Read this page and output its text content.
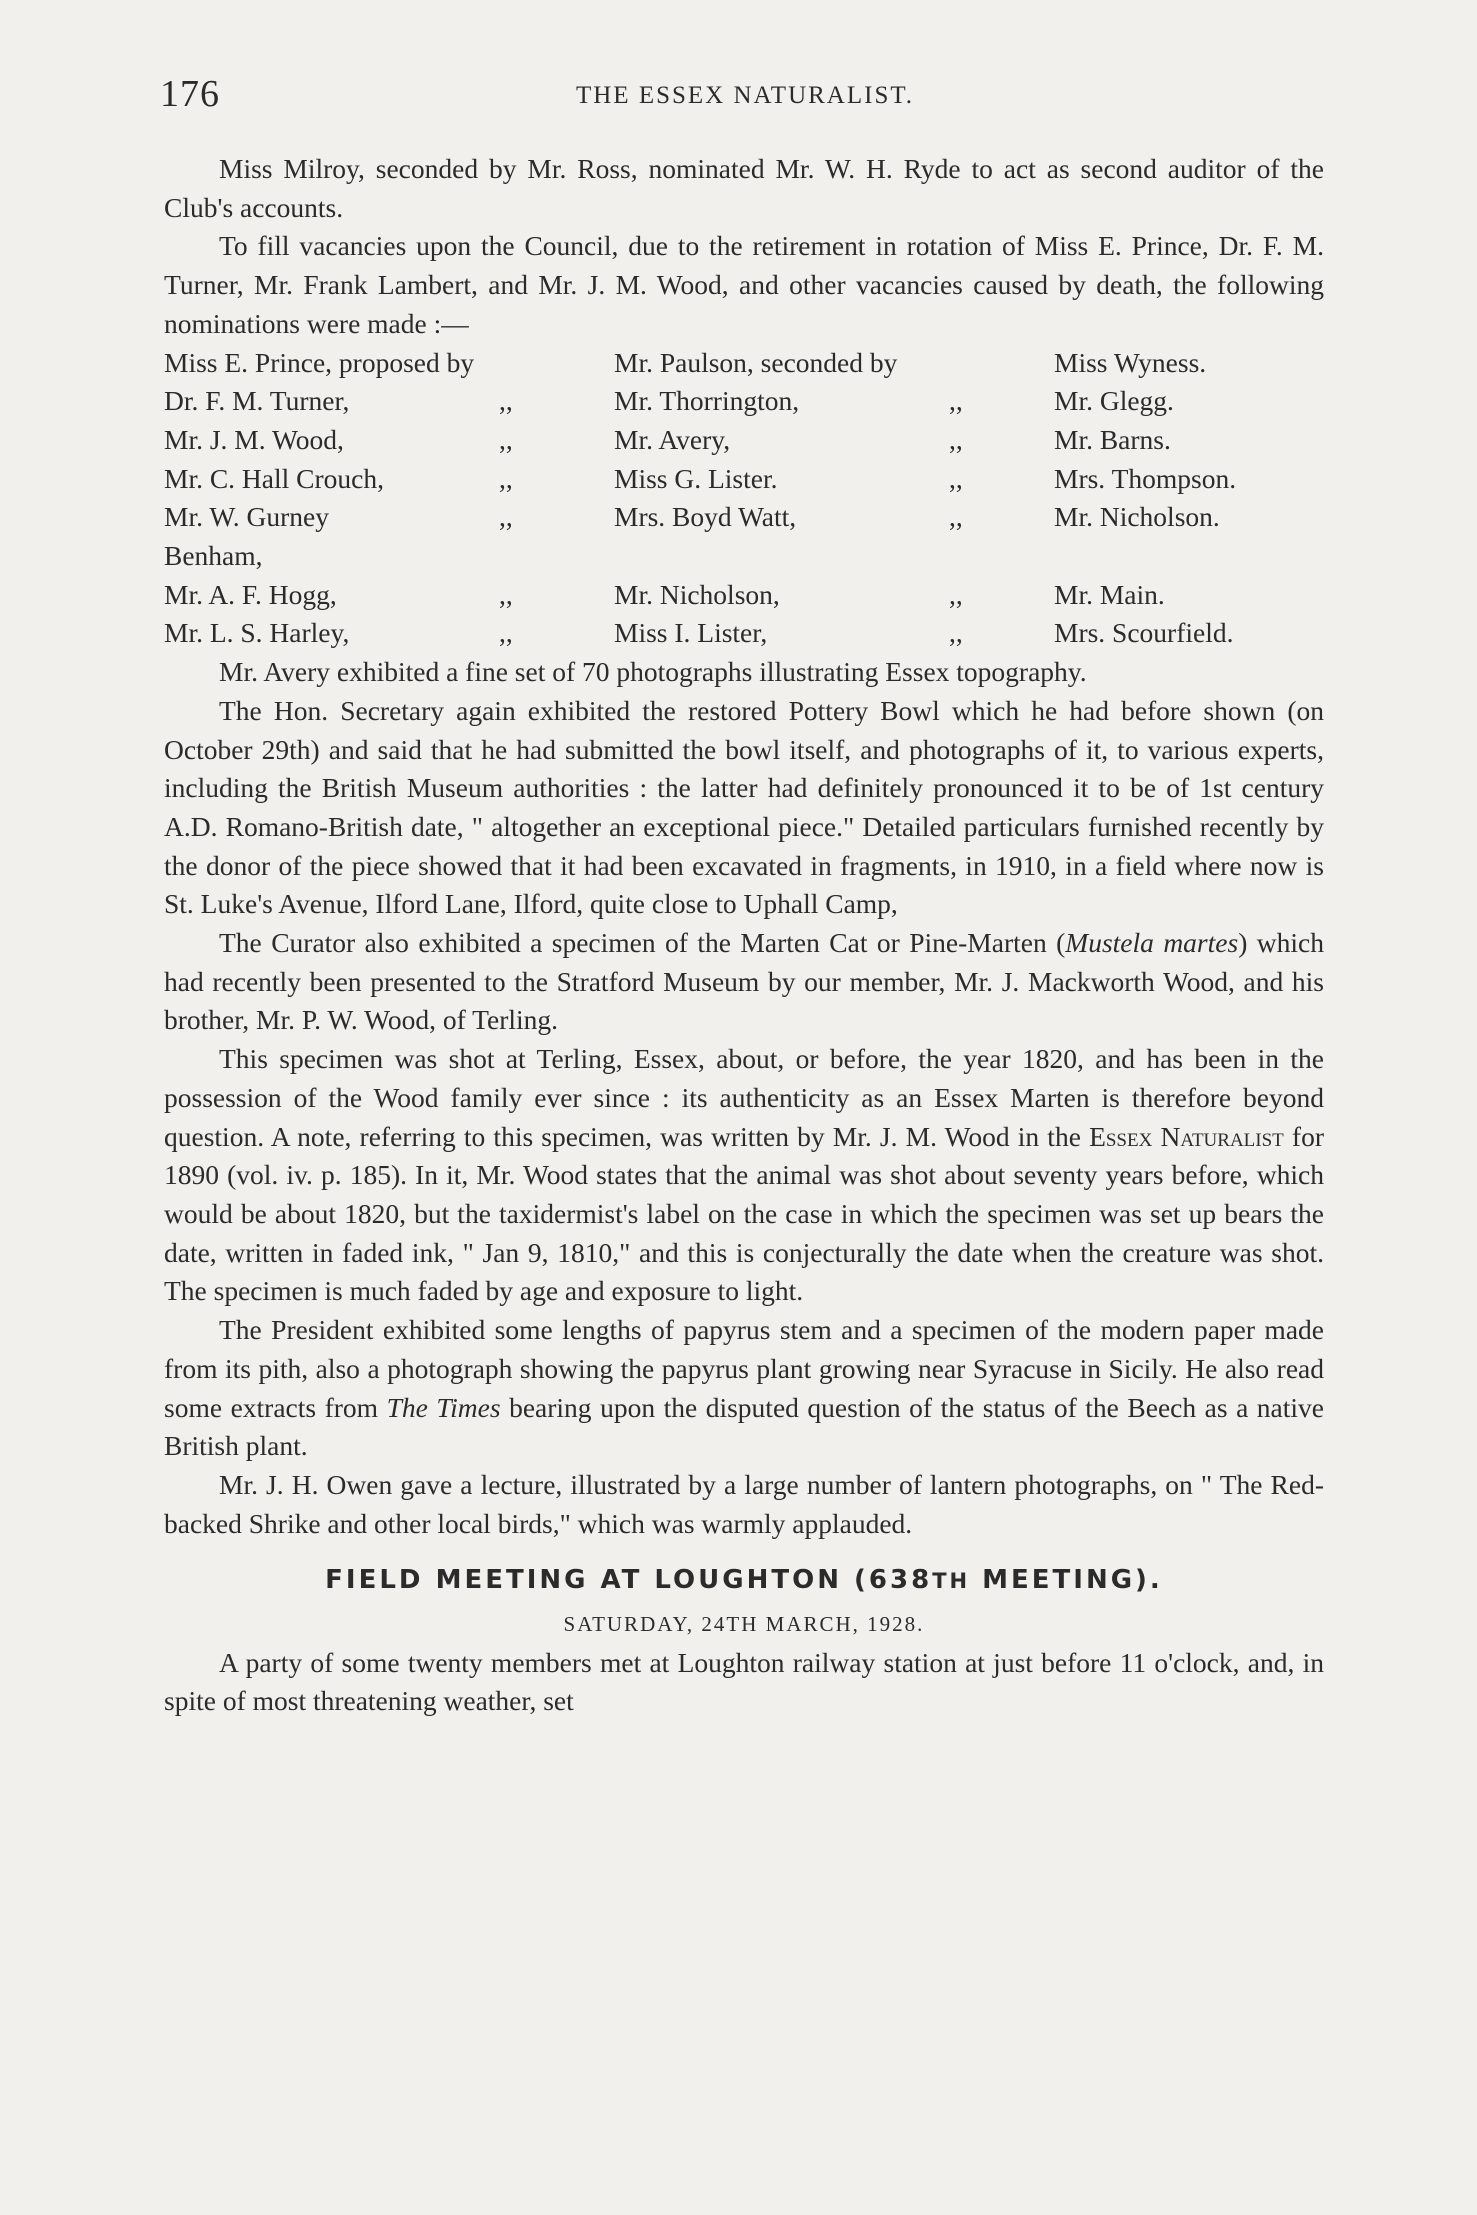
176	THE ESSEX NATURALIST.

Miss Milroy, seconded by Mr. Ross, nominated Mr. W. H. Ryde to act as second auditor of the Club's accounts.

To fill vacancies upon the Council, due to the retirement in rotation of Miss E. Prince, Dr. F. M. Turner, Mr. Frank Lambert, and Mr. J. M. Wood, and other vacancies caused by death, the following nominations were made :—

Miss E. Prince, proposed by		Mr. Paulson, seconded by		Miss Wyness.
Dr. F. M. Turner,	,,	Mr. Thorrington,	,,	Mr. Glegg.
Mr. J. M. Wood,	,,	Mr. Avery,	,,	Mr. Barns.
Mr. C. Hall Crouch,	,,	Miss G. Lister.	,,	Mrs. Thompson.
Mr. W. Gurney	,,	Mrs. Boyd Watt,	,,	Mr. Nicholson.
Benham,				
Mr. A. F. Hogg,	,,	Mr. Nicholson,	,,	Mr. Main.
Mr. L. S. Harley,	,,	Miss I. Lister,	,,	Mrs. Scourfield.

Mr. Avery exhibited a fine set of 70 photographs illustrating Essex topography.

The Hon. Secretary again exhibited the restored Pottery Bowl which he had before shown (on October 29th) and said that he had submitted the bowl itself, and photographs of it, to various experts, including the British Museum authorities : the latter had definitely pronounced it to be of 1st century A.D. Romano-British date, " altogether an exceptional piece." Detailed particulars furnished recently by the donor of the piece showed that it had been excavated in fragments, in 1910, in a field where now is St. Luke's Avenue, Ilford Lane, Ilford, quite close to Uphall Camp,

The Curator also exhibited a specimen of the Marten Cat or Pine-Marten (Mustela martes) which had recently been presented to the Stratford Museum by our member, Mr. J. Mackworth Wood, and his brother, Mr. P. W. Wood, of Terling.

This specimen was shot at Terling, Essex, about, or before, the year 1820, and has been in the possession of the Wood family ever since : its authenticity as an Essex Marten is therefore beyond question. A note, referring to this specimen, was written by Mr. J. M. Wood in the Essex Naturalist for 1890 (vol. iv. p. 185). In it, Mr. Wood states that the animal was shot about seventy years before, which would be about 1820, but the taxidermist's label on the case in which the specimen was set up bears the date, written in faded ink, " Jan 9, 1810," and this is conjecturally the date when the creature was shot. The specimen is much faded by age and exposure to light.

The President exhibited some lengths of papyrus stem and a specimen of the modern paper made from its pith, also a photograph showing the papyrus plant growing near Syracuse in Sicily. He also read some extracts from The Times bearing upon the disputed question of the status of the Beech as a native British plant.

Mr. J. H. Owen gave a lecture, illustrated by a large number of lantern photographs, on " The Red-backed Shrike and other local birds," which was warmly applauded.

FIELD MEETING AT LOUGHTON (638TH MEETING).
SATURDAY, 24TH MARCH, 1928.

A party of some twenty members met at Loughton railway station at just before 11 o'clock, and, in spite of most threatening weather, set
